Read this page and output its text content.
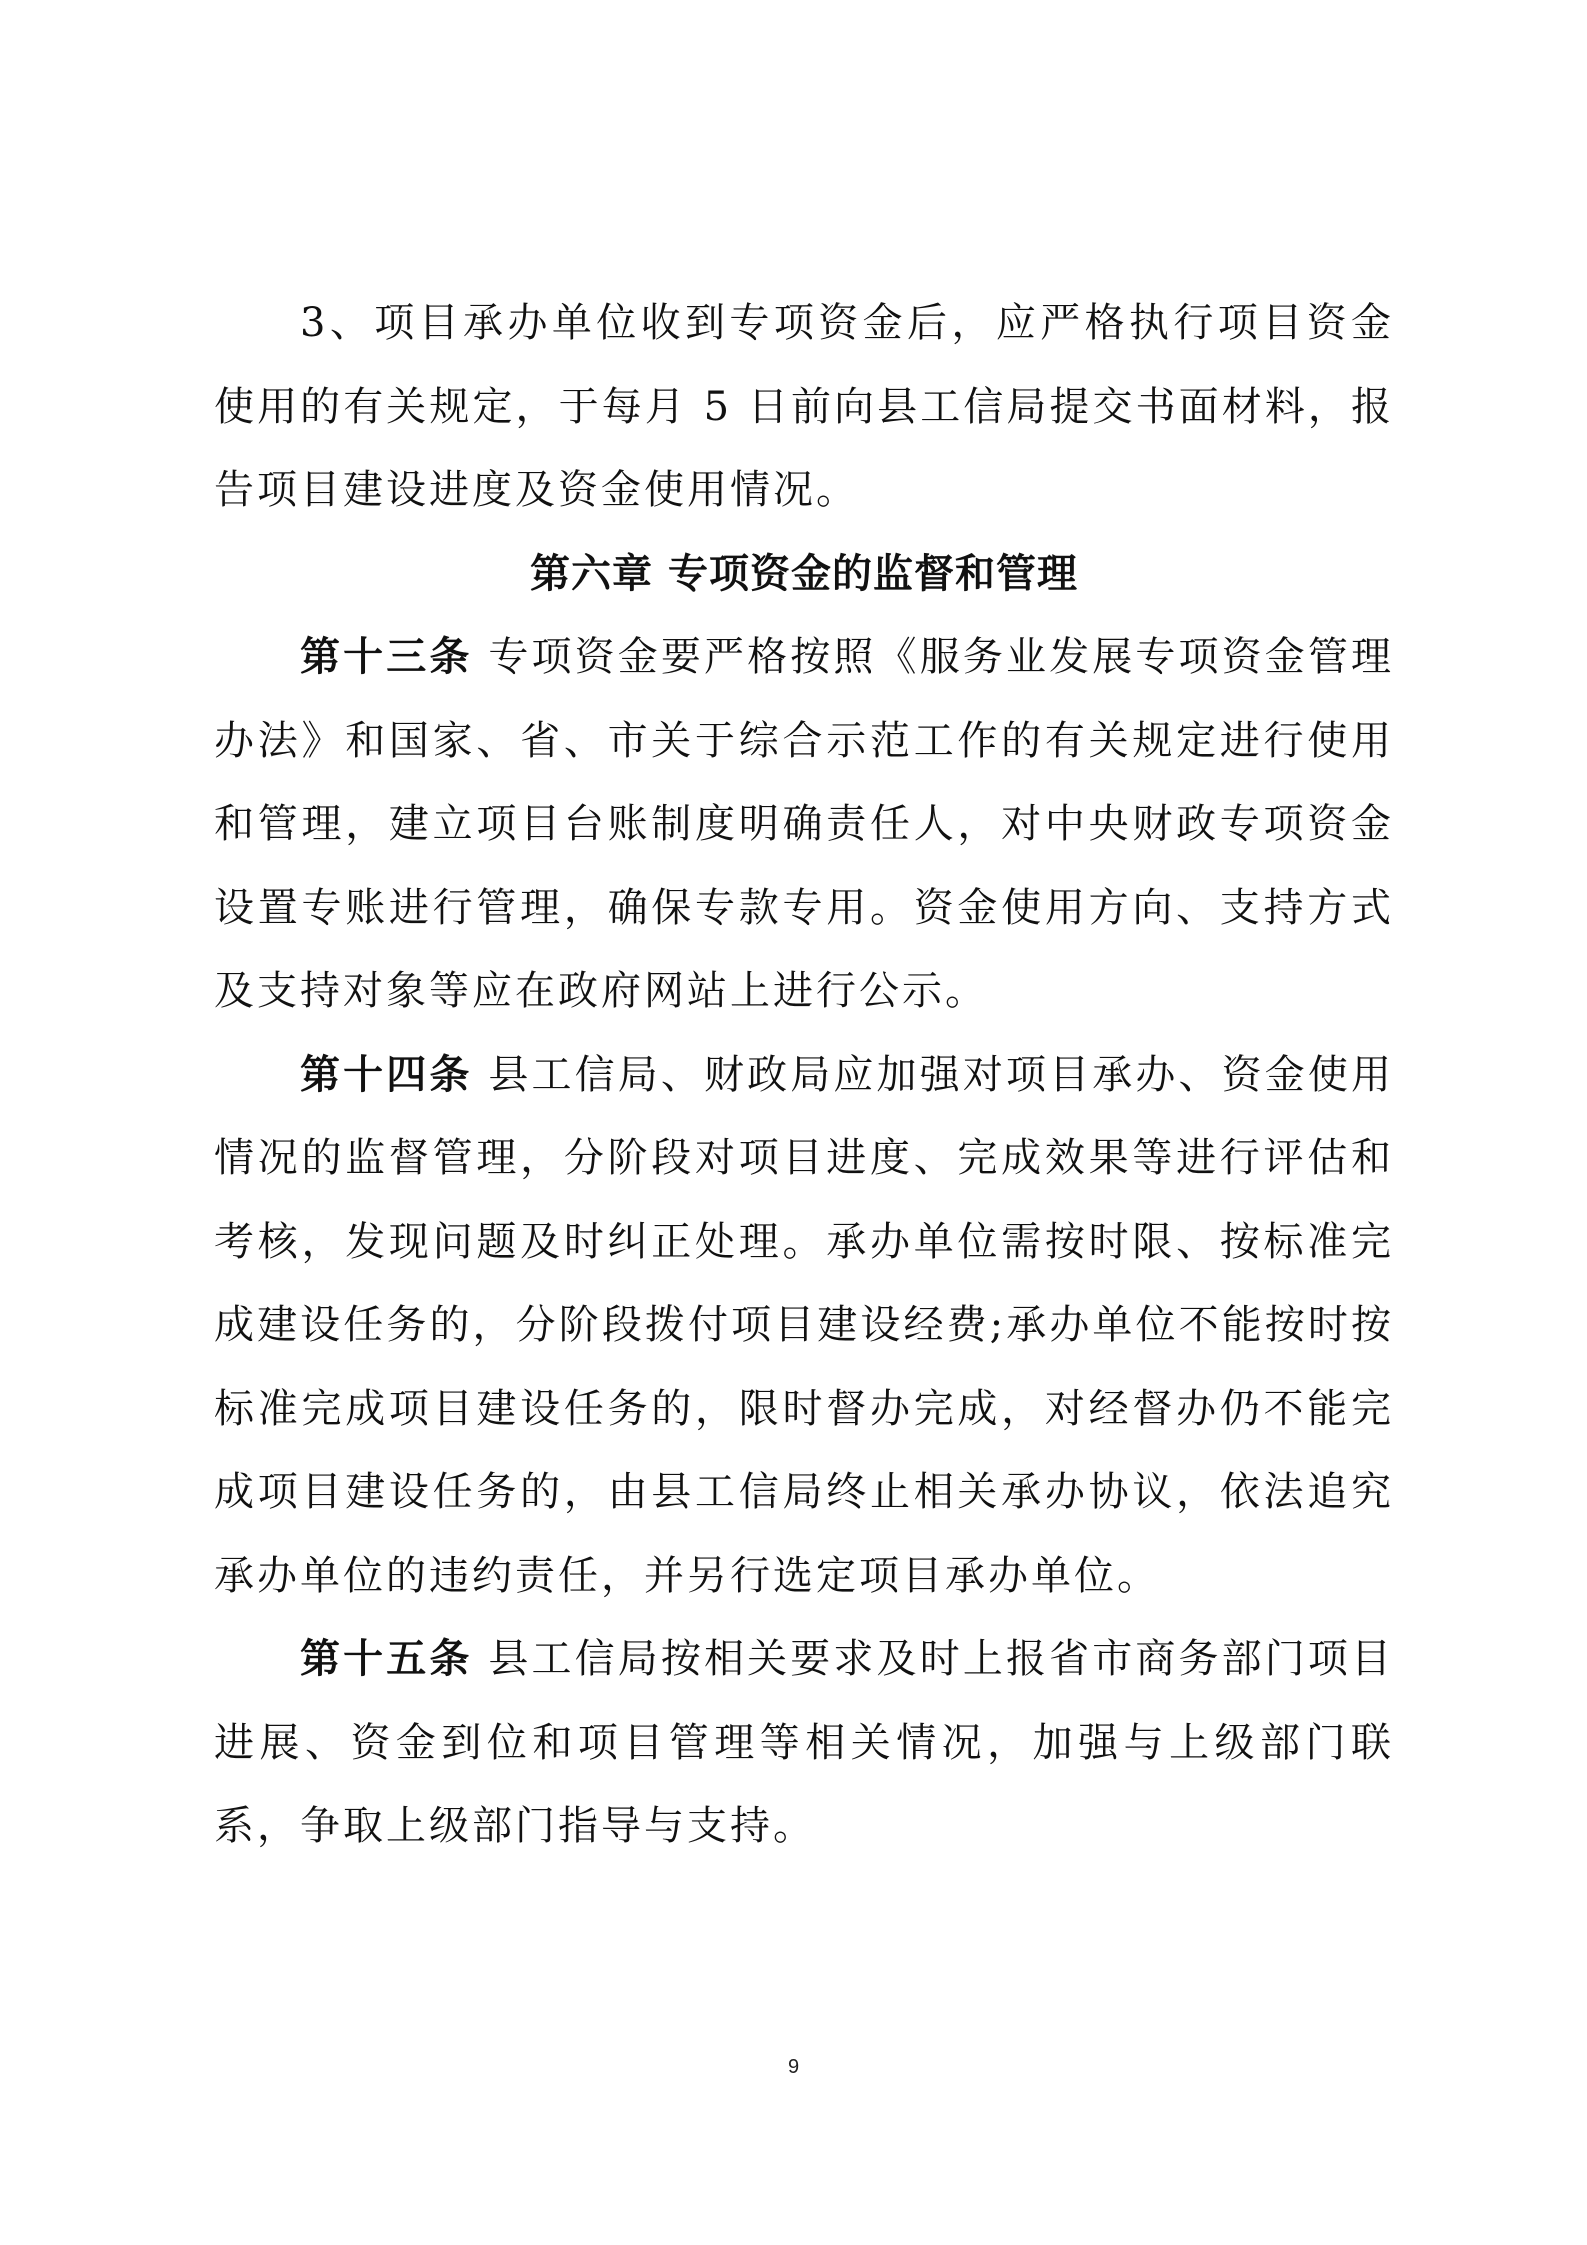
3、项目承办单位收到专项资金后，应严格执行项目资金使用的有关规定，于每月 5 日前向县工信局提交书面材料，报告项目建设进度及资金使用情况。

第六章 专项资金的监督和管理

第十三条 专项资金要严格按照《服务业发展专项资金管理办法》和国家、省、市关于综合示范工作的有关规定进行使用和管理，建立项目台账制度明确责任人，对中央财政专项资金设置专账进行管理，确保专款专用。资金使用方向、支持方式及支持对象等应在政府网站上进行公示。

第十四条 县工信局、财政局应加强对项目承办、资金使用情况的监督管理，分阶段对项目进度、完成效果等进行评估和考核，发现问题及时纠正处理。承办单位需按时限、按标准完成建设任务的，分阶段拨付项目建设经费;承办单位不能按时按标准完成项目建设任务的，限时督办完成，对经督办仍不能完成项目建设任务的，由县工信局终止相关承办协议，依法追究承办单位的违约责任，并另行选定项目承办单位。

第十五条 县工信局按相关要求及时上报省市商务部门项目进展、资金到位和项目管理等相关情况，加强与上级部门联系，争取上级部门指导与支持。

9
